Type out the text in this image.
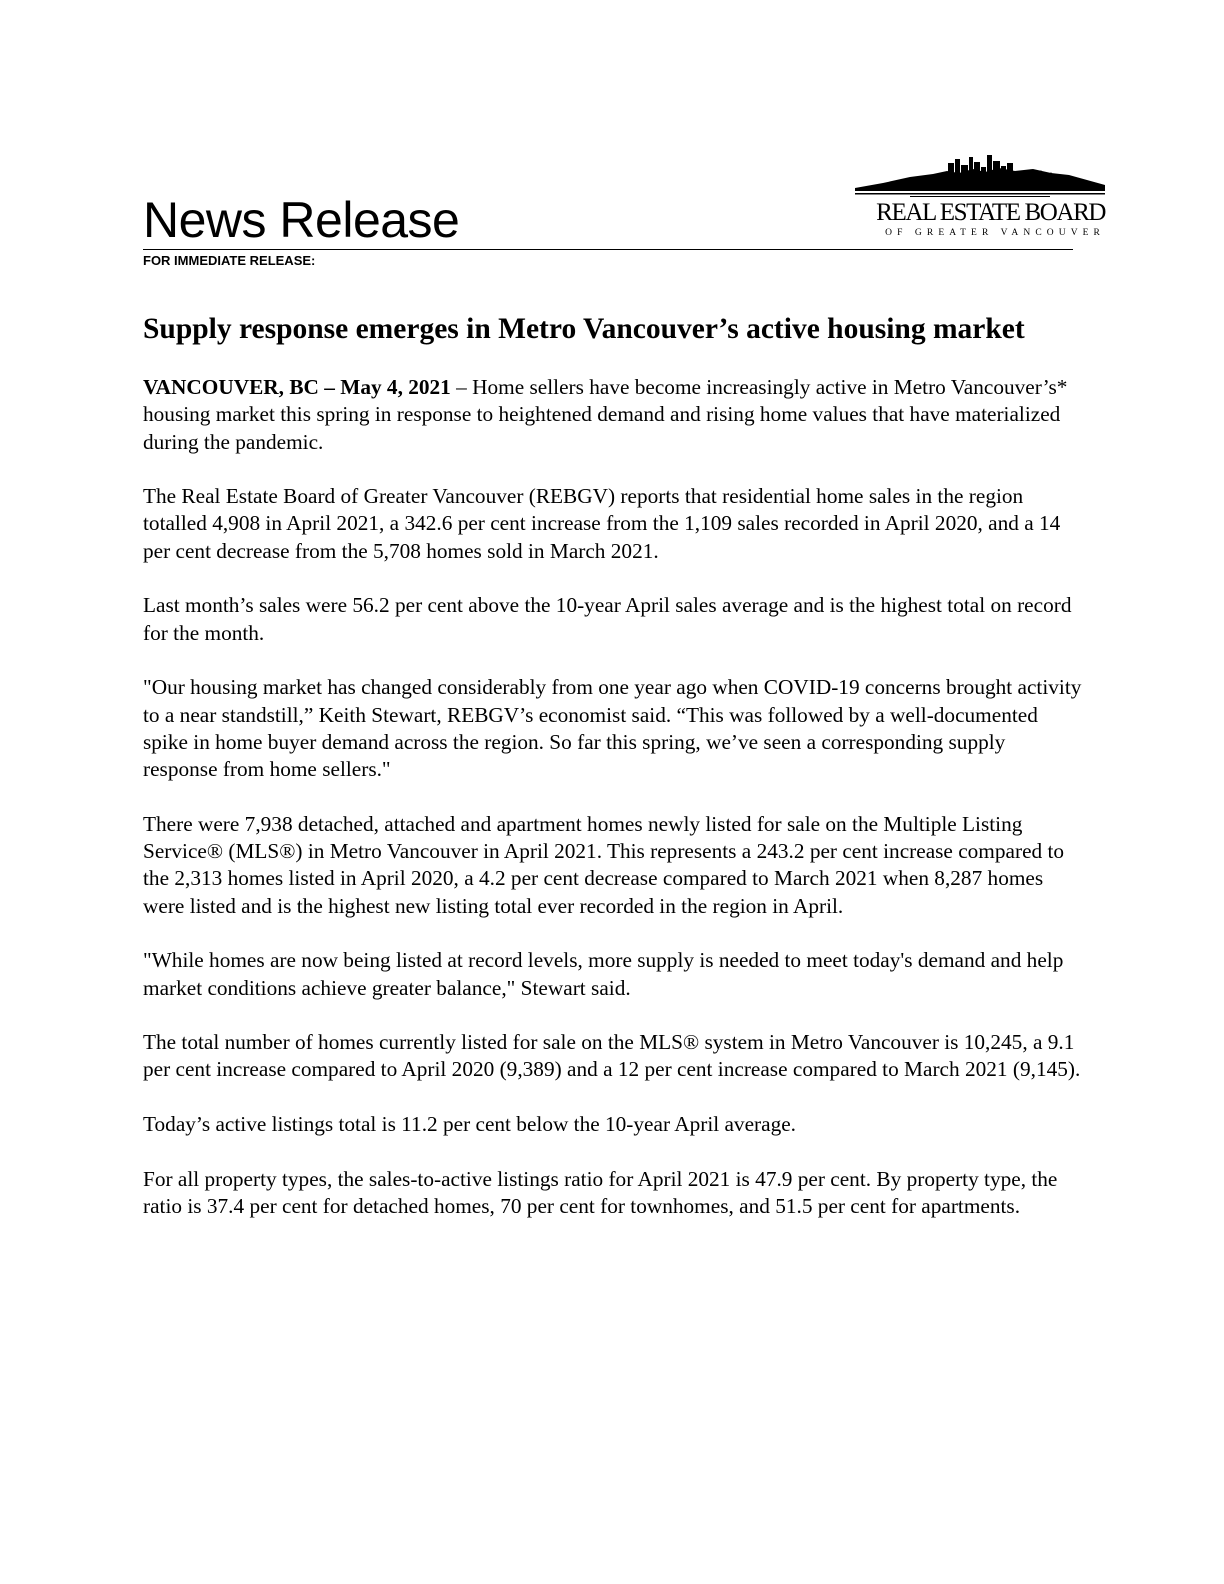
News Release	REAL ESTATE BOARD
OF GREATER VANCOUVER
FOR IMMEDIATE RELEASE:
Supply response emerges in Metro Vancouver’s active housing market

VANCOUVER, BC – May 4, 2021 – Home sellers have become increasingly active in Metro Vancouver’s* housing market this spring in response to heightened demand and rising home values that have materialized during the pandemic.

The Real Estate Board of Greater Vancouver (REBGV) reports that residential home sales in the region totalled 4,908 in April 2021, a 342.6 per cent increase from the 1,109 sales recorded in April 2020, and a 14 per cent decrease from the 5,708 homes sold in March 2021.

Last month’s sales were 56.2 per cent above the 10-year April sales average and is the highest total on record for the month.

"Our housing market has changed considerably from one year ago when COVID-19 concerns brought activity to a near standstill,” Keith Stewart, REBGV’s economist said. “This was followed by a well-documented spike in home buyer demand across the region. So far this spring, we’ve seen a corresponding supply response from home sellers."

There were 7,938 detached, attached and apartment homes newly listed for sale on the Multiple Listing Service® (MLS®) in Metro Vancouver in April 2021. This represents a 243.2 per cent increase compared to the 2,313 homes listed in April 2020, a 4.2 per cent decrease compared to March 2021 when 8,287 homes were listed and is the highest new listing total ever recorded in the region in April.

"While homes are now being listed at record levels, more supply is needed to meet today's demand and help market conditions achieve greater balance," Stewart said.

The total number of homes currently listed for sale on the MLS® system in Metro Vancouver is 10,245, a 9.1 per cent increase compared to April 2020 (9,389) and a 12 per cent increase compared to March 2021 (9,145).

Today’s active listings total is 11.2 per cent below the 10-year April average.

For all property types, the sales-to-active listings ratio for April 2021 is 47.9 per cent. By property type, the ratio is 37.4 per cent for detached homes, 70 per cent for townhomes, and 51.5 per cent for apartments.
